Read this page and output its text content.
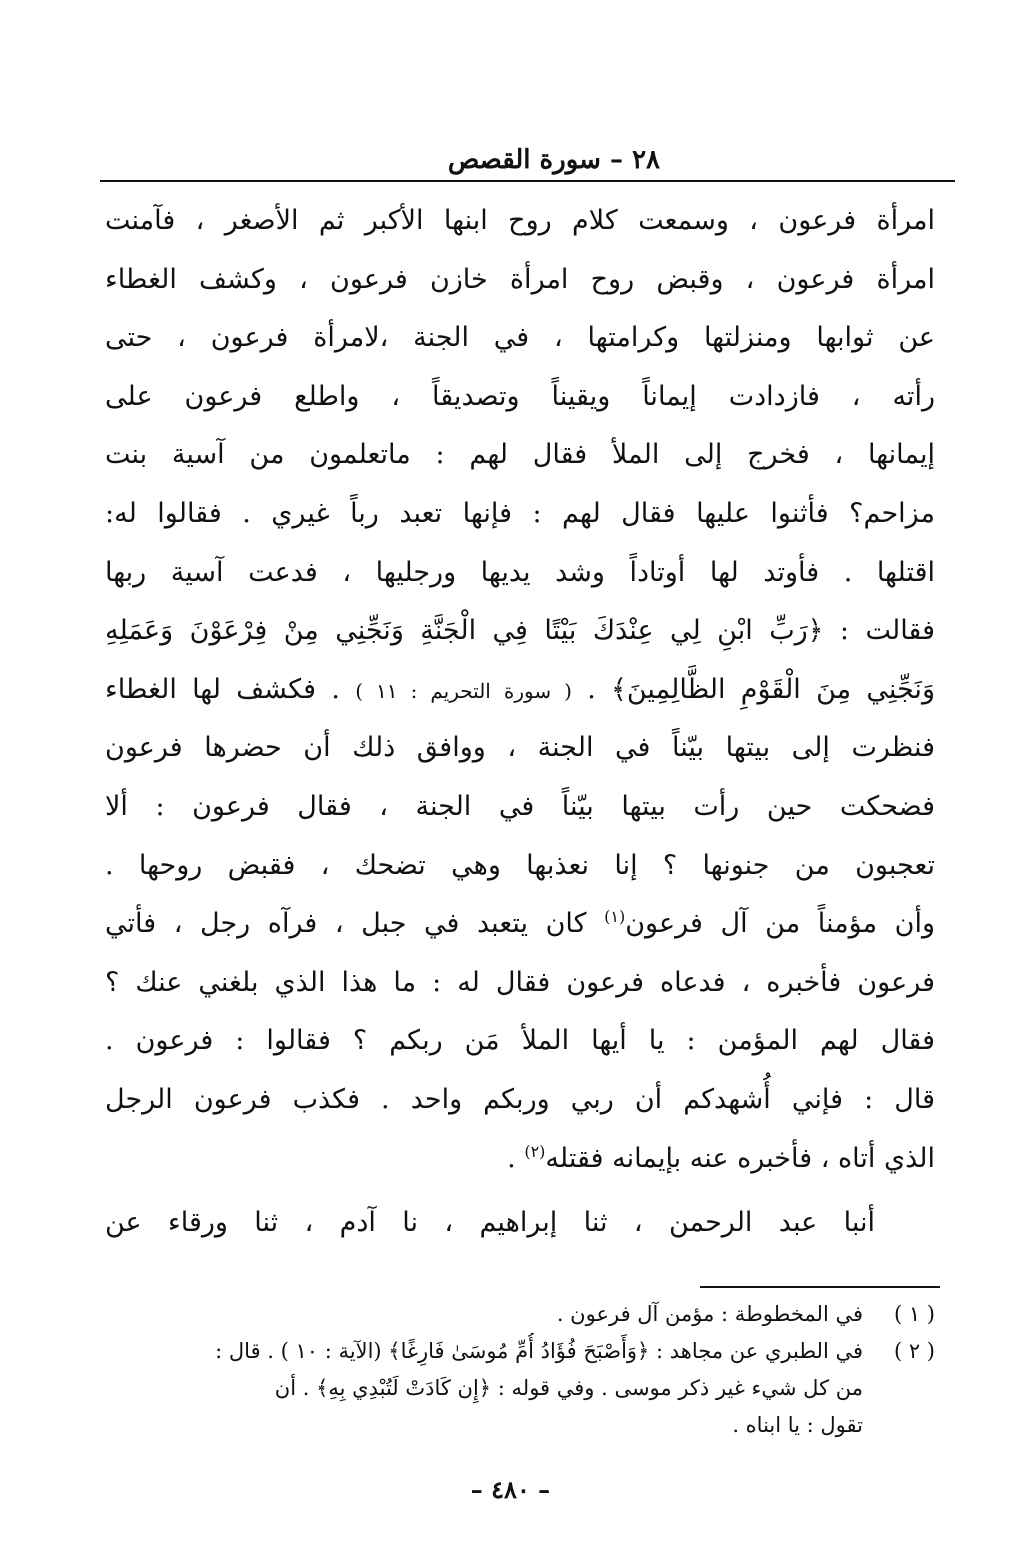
٢٨ – سورة القصص
امرأة فرعون ، وسمعت كلام روح ابنها الأكبر ثم الأصغر ، فآمنت
امرأة فرعون ، وقبض روح امرأة خازن فرعون ، وكشف الغطاء
عن ثوابها ومنزلتها وكرامتها ، في الجنة ،لامرأة فرعون ، حتى
رأته ، فازدادت إيماناً ويقيناً وتصديقاً ، واطلع فرعون على
إيمانها ، فخرج إلى الملأ فقال لهم : ماتعلمون من آسية بنت
مزاحم؟ فأثنوا عليها فقال لهم : فإنها تعبد رباً غيري . فقالوا له:
اقتلها . فأوتد لها أوتاداً وشد يديها ورجليها ، فدعت آسية ربها
فقالت : ﴿رَبِّ ابْنِ لِي عِنْدَكَ بَيْتًا فِي الْجَنَّةِ وَنَجِّنِي مِنْ فِرْعَوْنَ وَعَمَلِهِ
وَنَجِّنِي مِنَ الْقَوْمِ الظَّالِمِينَ﴾ . ( سورة التحريم : ١١ ) . فكشف لها الغطاء
فنظرت إلى بيتها بيّناً في الجنة ، ووافق ذلك أن حضرها فرعون
فضحكت حين رأت بيتها بيّناً في الجنة ، فقال فرعون : ألا
تعجبون من جنونها ؟ إنا نعذبها وهي تضحك ، فقبض روحها .
وأن مؤمناً من آل فرعون$^{(١)}$ كان يتعبد في جبل ، فرآه رجل ، فأتي
فرعون فأخبره ، فدعاه فرعون فقال له : ما هذا الذي بلغني عنك ؟
فقال لهم المؤمن : يا أيها الملأ مَن ربكم ؟ فقالوا : فرعون .
قال : فإني أُشهدكم أن ربي وربكم واحد . فكذب فرعون الرجل
الذي أتاه ، فأخبره عنه بإيمانه فقتله$^{(٢)}$ .
أنبا عبد الرحمن ، ثنا إبراهيم ، نا آدم ، ثنا ورقاء عن
( ١ )في المخطوطة : مؤمن آل فرعون .
( ٢ )في الطبري عن مجاهد : ﴿وَأَصْبَحَ فُؤَادُ أُمِّ مُوسَىٰ فَارِغًا﴾ (الآية : ١٠ ) . قال :
من كل شيء غير ذكر موسى . وفي قوله : ﴿إِن كَادَتْ لَتُبْدِي بِهِ﴾ . أن
تقول : يا ابناه .
– ٤٨٠ –
